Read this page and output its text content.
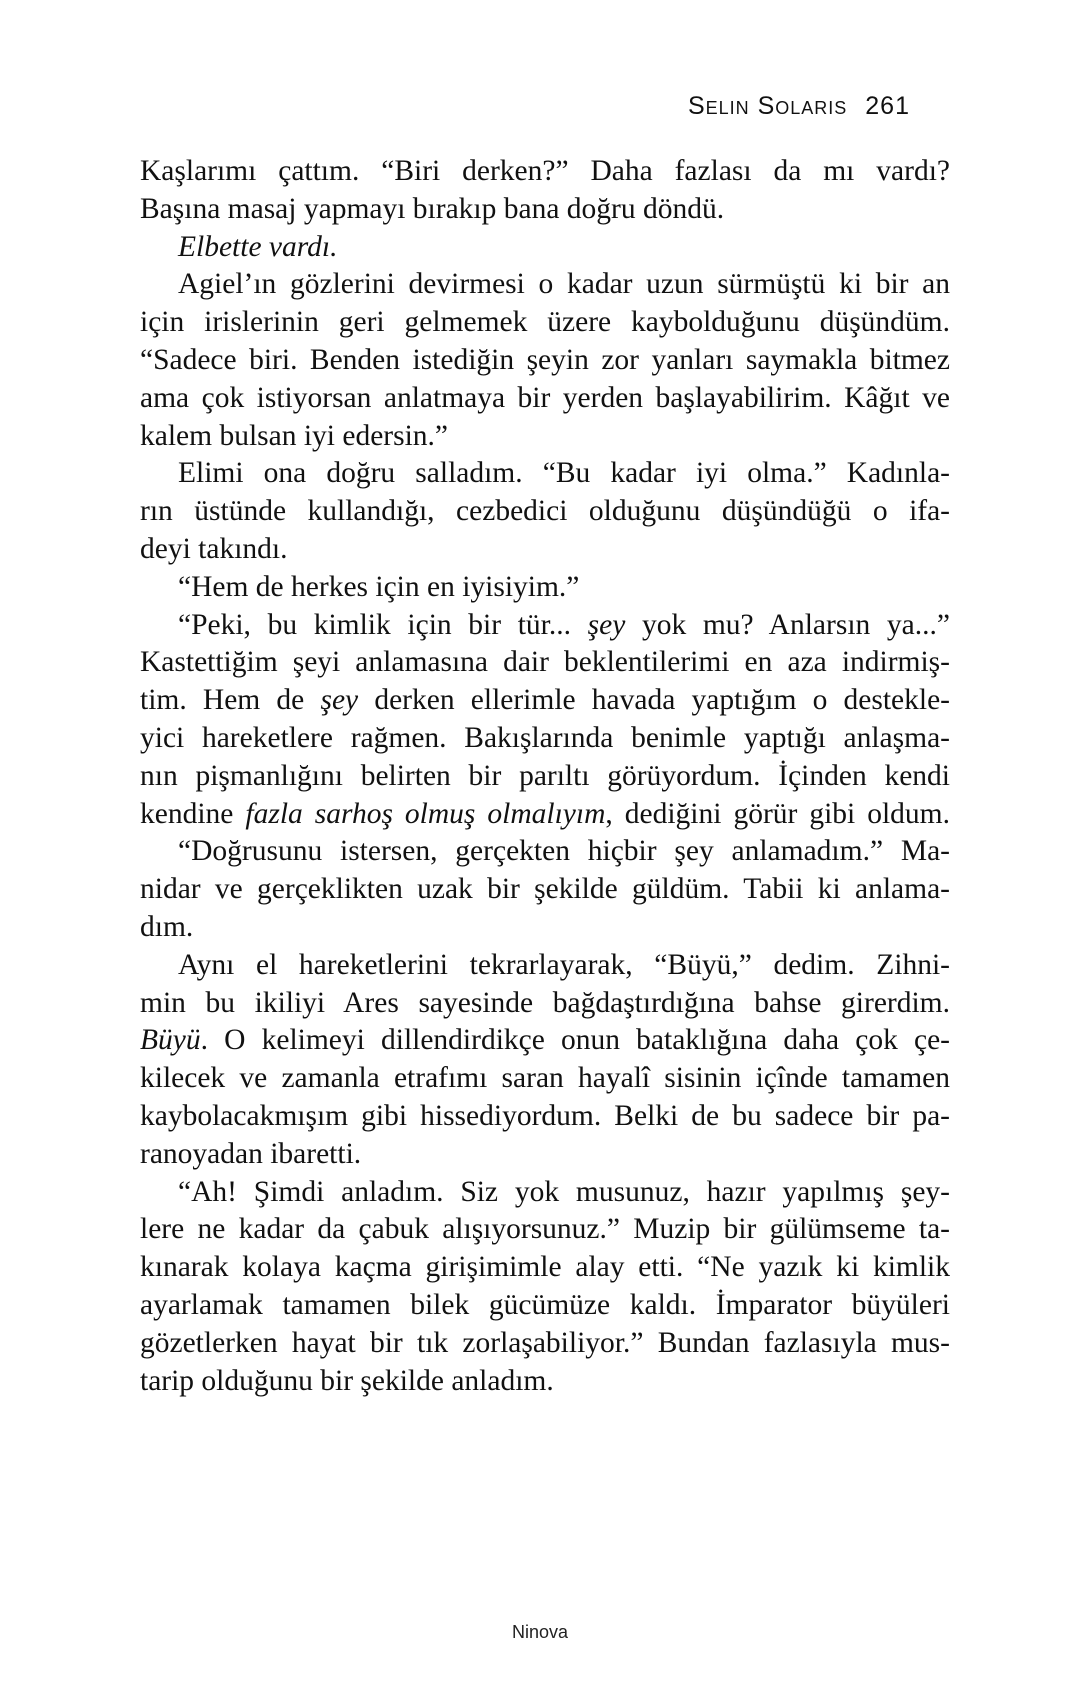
Selin Solaris 261
Kaşlarımı çattım. “Biri derken?” Daha fazlası da mı vardı?
Başına masaj yapmayı bırakıp bana doğru döndü.
Elbette vardı.
Agiel’ın gözlerini devirmesi o kadar uzun sürmüştü ki bir an
için irislerinin geri gelmemek üzere kaybolduğunu düşündüm.
“Sadece biri. Benden istediğin şeyin zor yanları saymakla bitmez
ama çok istiyorsan anlatmaya bir yerden başlayabilirim. Kâğıt ve
kalem bulsan iyi edersin.”
Elimi ona doğru salladım. “Bu kadar iyi olma.” Kadınla-
rın üstünde kullandığı, cezbedici olduğunu düşündüğü o ifa-
deyi takındı.
“Hem de herkes için en iyisiyim.”
“Peki, bu kimlik için bir tür... şey yok mu? Anlarsın ya...”
Kastettiğim şeyi anlamasına dair beklentilerimi en aza indirmiş-
tim. Hem de şey derken ellerimle havada yaptığım o destekle-
yici hareketlere rağmen. Bakışlarında benimle yaptığı anlaşma-
nın pişmanlığını belirten bir parıltı görüyordum. İçinden kendi
kendine fazla sarhoş olmuş olmalıyım, dediğini görür gibi oldum.
“Doğrusunu istersen, gerçekten hiçbir şey anlamadım.” Ma-
nidar ve gerçeklikten uzak bir şekilde güldüm. Tabii ki anlama-
dım.
Aynı el hareketlerini tekrarlayarak, “Büyü,” dedim. Zihni-
min bu ikiliyi Ares sayesinde bağdaştırdığına bahse girerdim.
Büyü. O kelimeyi dillendirdikçe onun bataklığına daha çok çe-
kilecek ve zamanla etrafımı saran hayalî sisinin içînde tamamen
kaybolacakmışım gibi hissediyordum. Belki de bu sadece bir pa-
ranoyadan ibaretti.
“Ah! Şimdi anladım. Siz yok musunuz, hazır yapılmış şey-
lere ne kadar da çabuk alışıyorsunuz.” Muzip bir gülümseme ta-
kınarak kolaya kaçma girişimimle alay etti. “Ne yazık ki kimlik
ayarlamak tamamen bilek gücümüze kaldı. İmparator büyüleri
gözetlerken hayat bir tık zorlaşabiliyor.” Bundan fazlasıyla mus-
tarip olduğunu bir şekilde anladım.
Ninova
